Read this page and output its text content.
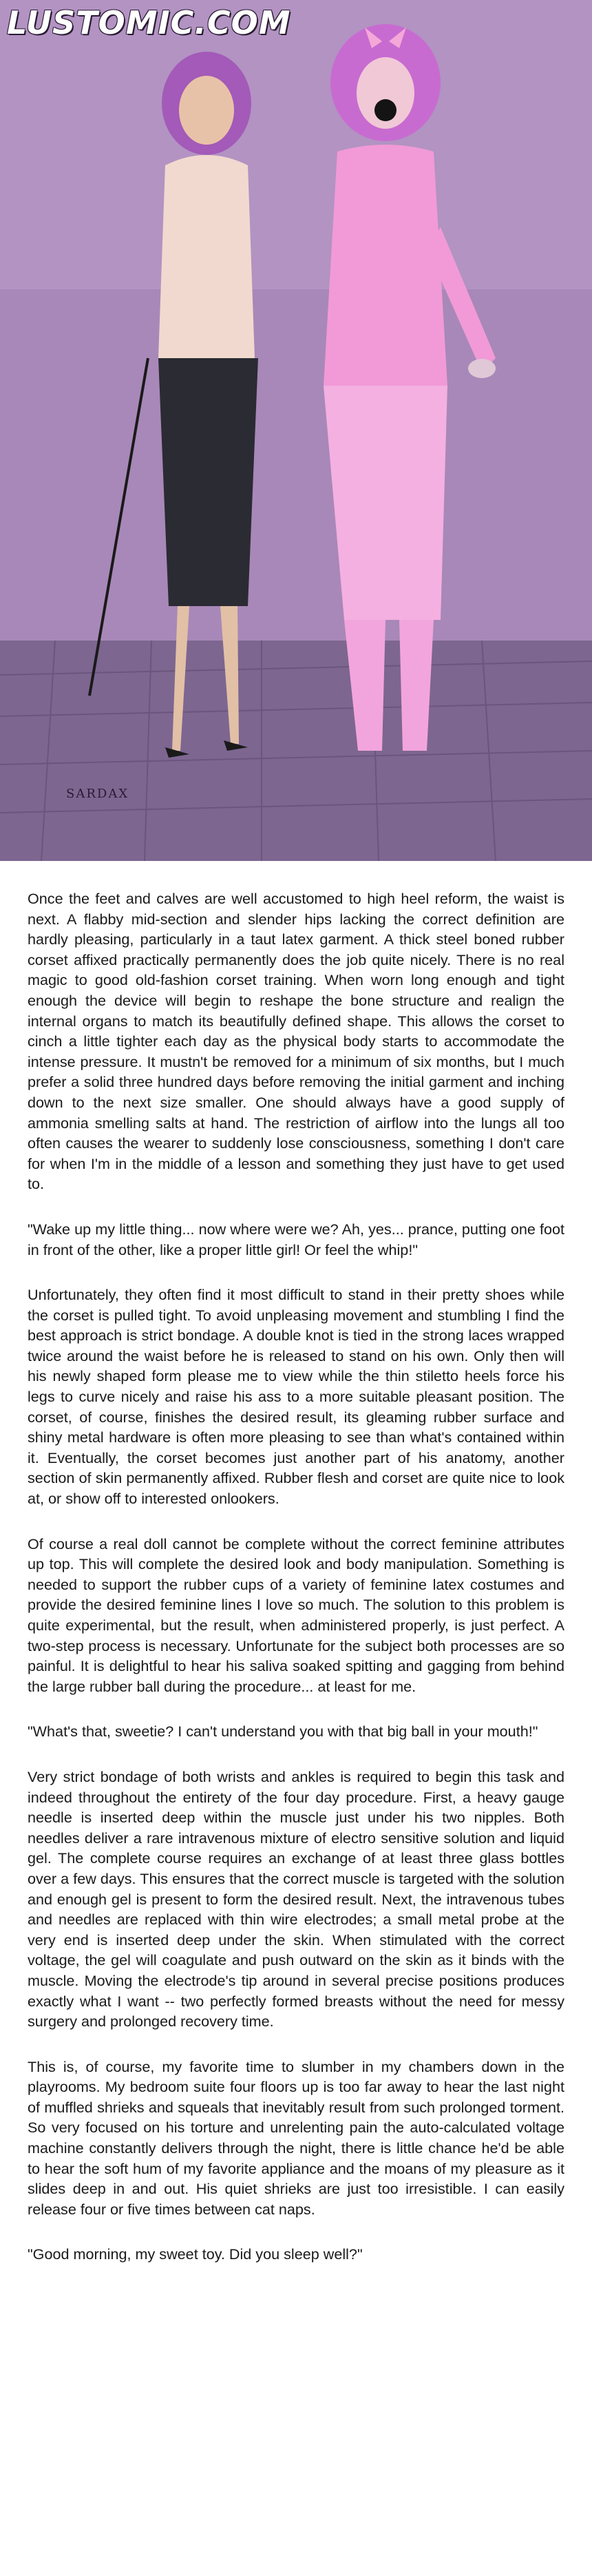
LUSTOMIC.COM
SARDAX

Once the feet and calves are well accustomed to high heel reform, the waist is next. A flabby mid-section and slender hips lacking the correct definition are hardly pleasing, particularly in a taut latex garment. A thick steel boned rubber corset affixed practically permanently does the job quite nicely. There is no real magic to good old-fashion corset training. When worn long enough and tight enough the device will begin to reshape the bone structure and realign the internal organs to match its beautifully defined shape. This allows the corset to cinch a little tighter each day as the physical body starts to accommodate the intense pressure. It mustn't be removed for a minimum of six months, but I much prefer a solid three hundred days before removing the initial garment and inching down to the next size smaller. One should always have a good supply of ammonia smelling salts at hand. The restriction of airflow into the lungs all too often causes the wearer to suddenly lose consciousness, something I don't care for when I'm in the middle of a lesson and something they just have to get used to.

"Wake up my little thing... now where were we? Ah, yes... prance, putting one foot in front of the other, like a proper little girl! Or feel the whip!"

Unfortunately, they often find it most difficult to stand in their pretty shoes while the corset is pulled tight. To avoid unpleasing movement and stumbling I find the best approach is strict bondage. A double knot is tied in the strong laces wrapped twice around the waist before he is released to stand on his own. Only then will his newly shaped form please me to view while the thin stiletto heels force his legs to curve nicely and raise his ass to a more suitable pleasant position. The corset, of course, finishes the desired result, its gleaming rubber surface and shiny metal hardware is often more pleasing to see than what's contained within it. Eventually, the corset becomes just another part of his anatomy, another section of skin permanently affixed. Rubber flesh and corset are quite nice to look at, or show off to interested onlookers.

Of course a real doll cannot be complete without the correct feminine attributes up top. This will complete the desired look and body manipulation. Something is needed to support the rubber cups of a variety of feminine latex costumes and provide the desired feminine lines I love so much. The solution to this problem is quite experimental, but the result, when administered properly, is just perfect. A two-step process is necessary. Unfortunate for the subject both processes are so painful. It is delightful to hear his saliva soaked spitting and gagging from behind the large rubber ball during the procedure... at least for me.

"What's that, sweetie? I can't understand you with that big ball in your mouth!"

Very strict bondage of both wrists and ankles is required to begin this task and indeed throughout the entirety of the four day procedure. First, a heavy gauge needle is inserted deep within the muscle just under his two nipples. Both needles deliver a rare intravenous mixture of electro sensitive solution and liquid gel. The complete course requires an exchange of at least three glass bottles over a few days. This ensures that the correct muscle is targeted with the solution and enough gel is present to form the desired result. Next, the intravenous tubes and needles are replaced with thin wire electrodes; a small metal probe at the very end is inserted deep under the skin. When stimulated with the correct voltage, the gel will coagulate and push outward on the skin as it binds with the muscle. Moving the electrode's tip around in several precise positions produces exactly what I want -- two perfectly formed breasts without the need for messy surgery and prolonged recovery time.

This is, of course, my favorite time to slumber in my chambers down in the playrooms. My bedroom suite four floors up is too far away to hear the last night of muffled shrieks and squeals that inevitably result from such prolonged torment. So very focused on his torture and unrelenting pain the auto-calculated voltage machine constantly delivers through the night, there is little chance he'd be able to hear the soft hum of my favorite appliance and the moans of my pleasure as it slides deep in and out. His quiet shrieks are just too irresistible. I can easily release four or five times between cat naps.

"Good morning, my sweet toy. Did you sleep well?"
